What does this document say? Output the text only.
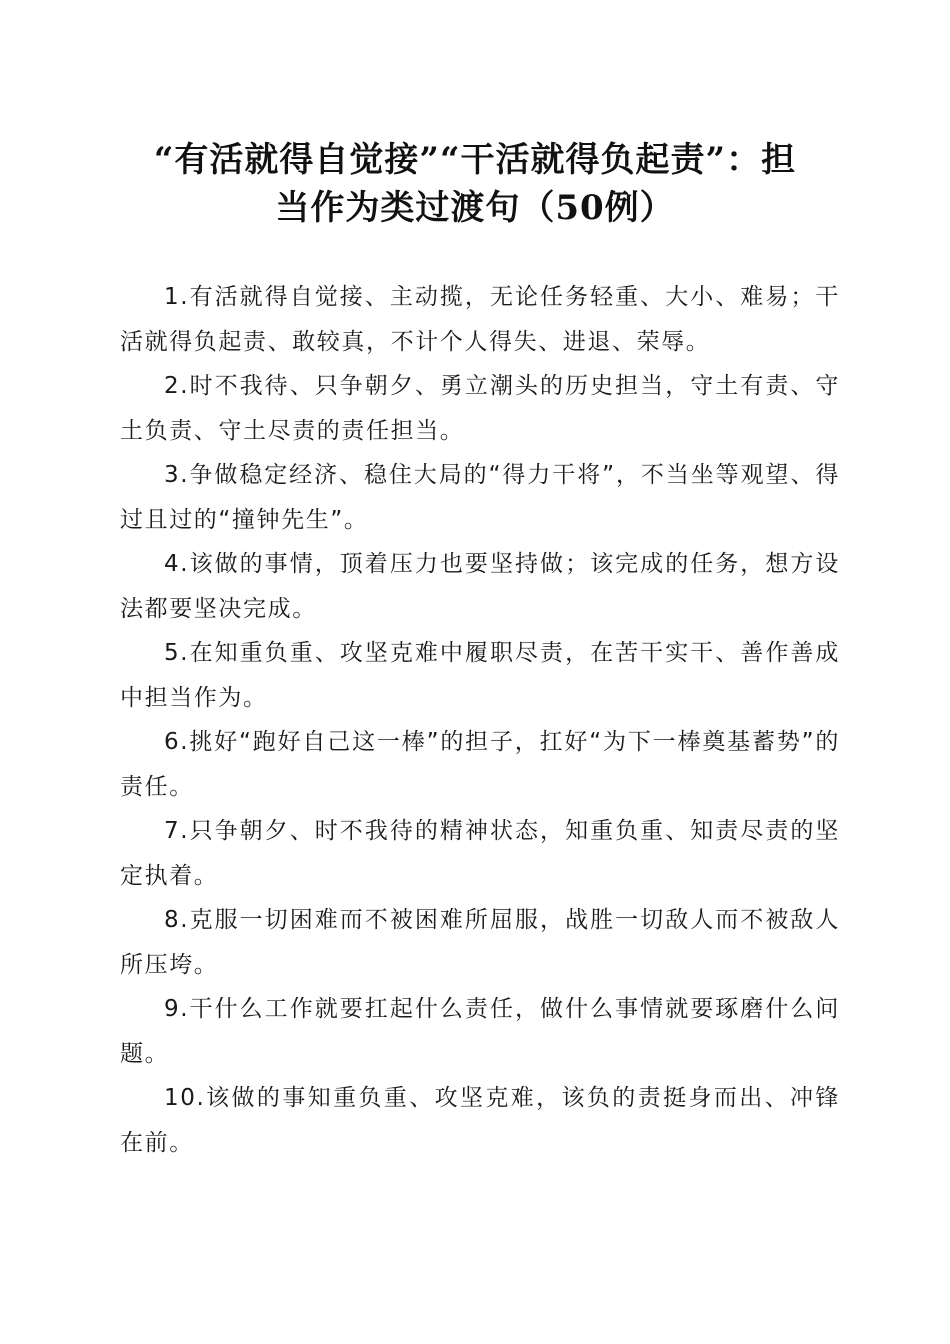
“有活就得自觉接”“干活就得负起责”：担
当作为类过渡句（50例）
1.有活就得自觉接、主动揽，无论任务轻重、大小、难易；干活就得负起责、敢较真，不计个人得失、进退、荣辱。
2.时不我待、只争朝夕、勇立潮头的历史担当，守土有责、守土负责、守土尽责的责任担当。
3.争做稳定经济、稳住大局的“得力干将”，不当坐等观望、得过且过的“撞钟先生”。
4.该做的事情，顶着压力也要坚持做；该完成的任务，想方设法都要坚决完成。
5.在知重负重、攻坚克难中履职尽责，在苦干实干、善作善成中担当作为。
6.挑好“跑好自己这一棒”的担子，扛好“为下一棒奠基蓄势”的责任。
7.只争朝夕、时不我待的精神状态，知重负重、知责尽责的坚定执着。
8.克服一切困难而不被困难所屈服，战胜一切敌人而不被敌人所压垮。
9.干什么工作就要扛起什么责任，做什么事情就要琢磨什么问题。
10.该做的事知重负重、攻坚克难，该负的责挺身而出、冲锋在前。
